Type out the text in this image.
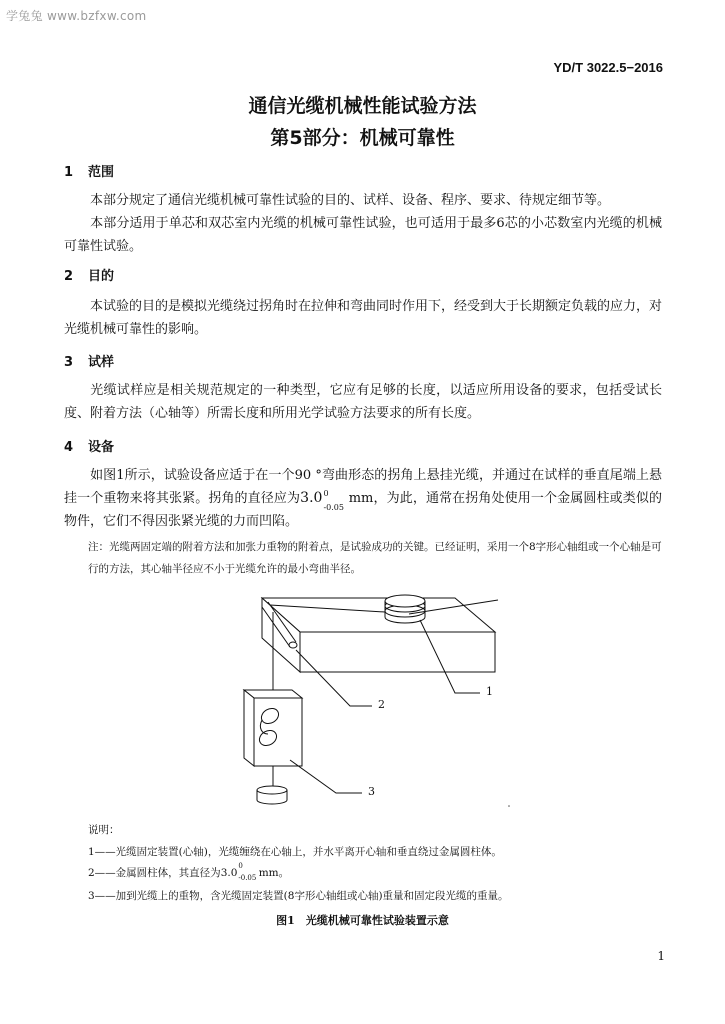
学兔兔 www.bzfxw.com
YD/T 3022.5−2016
通信光缆机械性能试验方法
第5部分：机械可靠性
1 范围
本部分规定了通信光缆机械可靠性试验的目的、试样、设备、程序、要求、待规定细节等。
本部分适用于单芯和双芯室内光缆的机械可靠性试验，也可适用于最多6芯的小芯数室内光缆的机械可靠性试验。
2 目的
本试验的目的是模拟光缆绕过拐角时在拉伸和弯曲同时作用下，经受到大于长期额定负载的应力，对光缆机械可靠性的影响。
3 试样
光缆试样应是相关规范规定的一种类型，它应有足够的长度，以适应所用设备的要求，包括受试长度、附着方法（心轴等）所需长度和所用光学试验方法要求的所有长度。
4 设备
如图1所示，试验设备应适于在一个90 °弯曲形态的拐角上悬挂光缆，并通过在试样的垂直尾端上悬挂一个重物来将其张紧。拐角的直径应为3.0 0
-0.05
mm，为此，通常在拐角处使用一个金属圆柱或类似的物件，它们不得因张紧光缆的力而凹陷。
注：光缆两固定端的附着方法和加张力重物的附着点，是试验成功的关键。已经证明，采用一个8字形心轴组或一个心轴是可行的方法，其心轴半径应不小于光缆允许的最小弯曲半径。
1
2
3
说明：
1——光缆固定装置(心轴)，光缆缠绕在心轴上，并水平离开心轴和垂直绕过金属圆柱体。
2——金属圆柱体，其直径为3.0
0
-0.05 mm。
3——加到光缆上的重物，含光缆固定装置(8字形心轴组或心轴)重量和固定段光缆的重量。
图1　光缆机械可靠性试验装置示意
1
